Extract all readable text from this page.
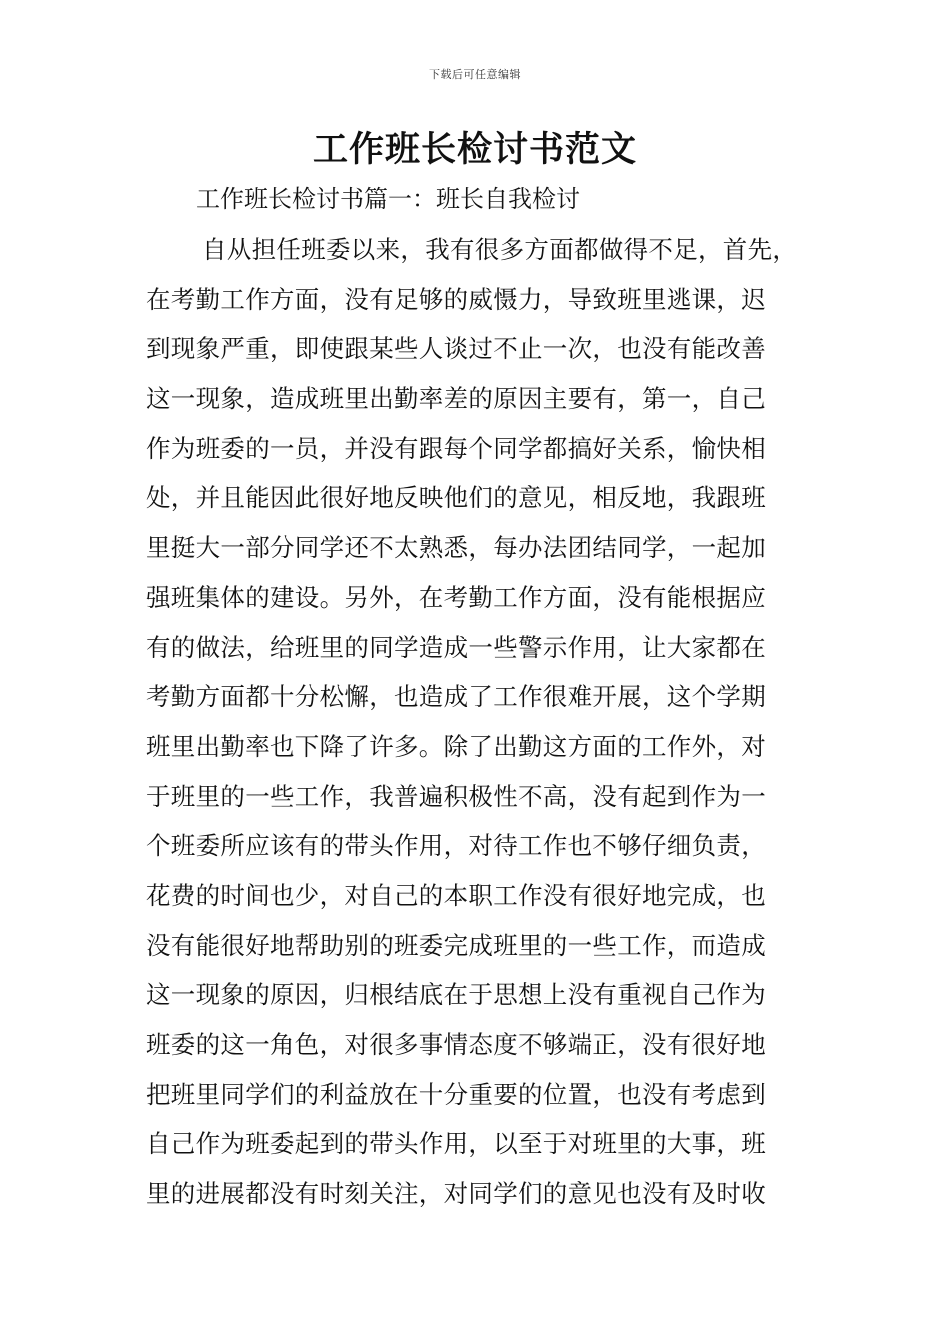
下载后可任意编辑
工作班长检讨书范文

工作班长检讨书篇一：班长自我检讨

自从担任班委以来，我有很多方面都做得不足，首先，
在考勤工作方面，没有足够的威慑力，导致班里逃课，迟
到现象严重，即使跟某些人谈过不止一次，也没有能改善
这一现象，造成班里出勤率差的原因主要有，第一，自己
作为班委的一员，并没有跟每个同学都搞好关系，愉快相
处，并且能因此很好地反映他们的意见，相反地，我跟班
里挺大一部分同学还不太熟悉，每办法团结同学，一起加
强班集体的建设。另外，在考勤工作方面，没有能根据应
有的做法，给班里的同学造成一些警示作用，让大家都在
考勤方面都十分松懈，也造成了工作很难开展，这个学期
班里出勤率也下降了许多。除了出勤这方面的工作外，对
于班里的一些工作，我普遍积极性不高，没有起到作为一
个班委所应该有的带头作用，对待工作也不够仔细负责，
花费的时间也少，对自己的本职工作没有很好地完成，也
没有能很好地帮助别的班委完成班里的一些工作，而造成
这一现象的原因，归根结底在于思想上没有重视自己作为
班委的这一角色，对很多事情态度不够端正，没有很好地
把班里同学们的利益放在十分重要的位置，也没有考虑到
自己作为班委起到的带头作用，以至于对班里的大事，班
里的进展都没有时刻关注，对同学们的意见也没有及时收
